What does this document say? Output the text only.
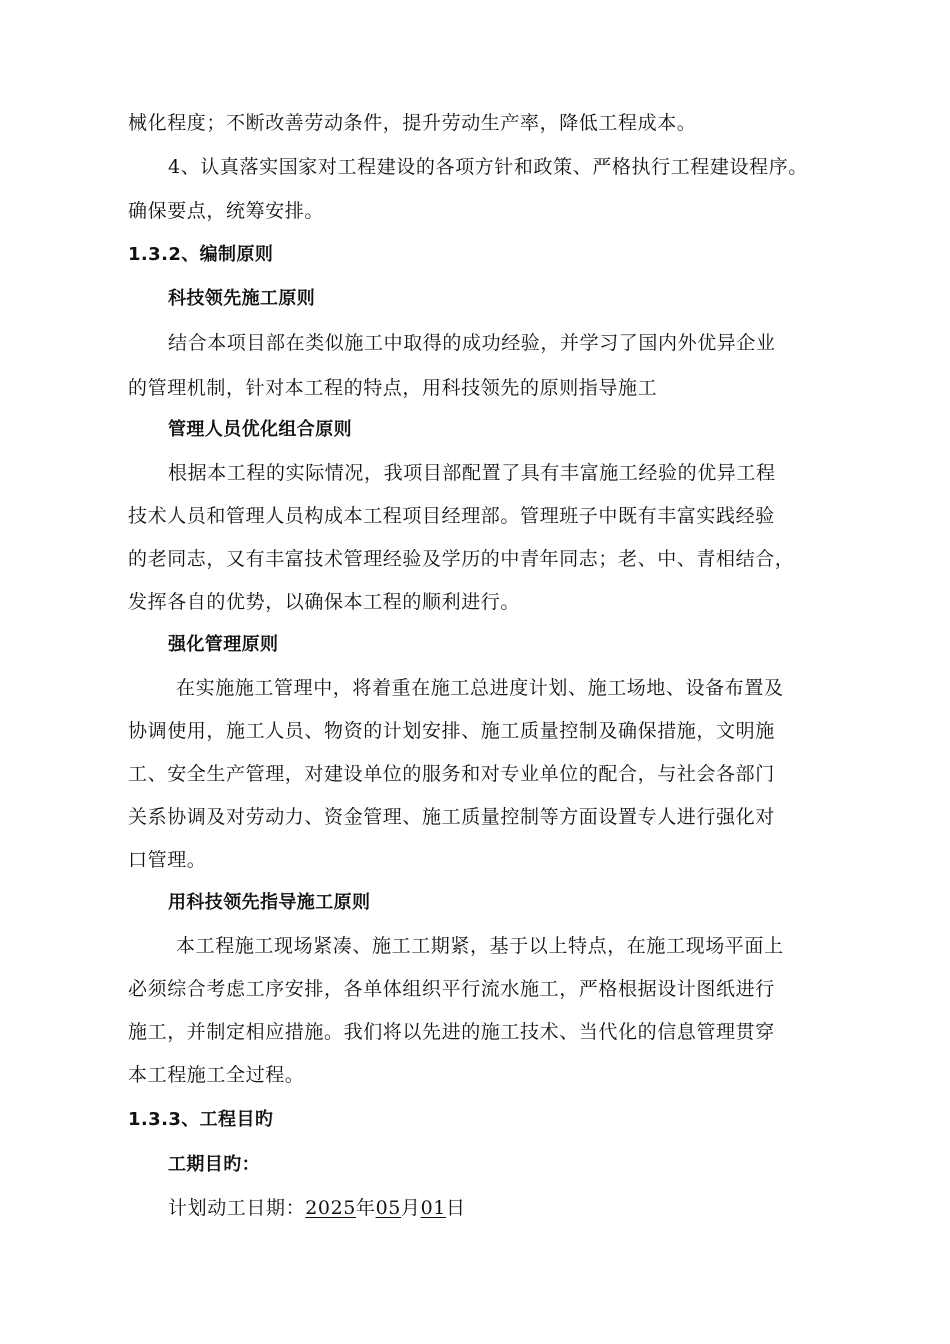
械化程度；不断改善劳动条件，提升劳动生产率，降低工程成本。
4、认真落实国家对工程建设的各项方针和政策、严格执行工程建设程序。
确保要点，统筹安排。
1.3.2、编制原则
科技领先施工原则
结合本项目部在类似施工中取得的成功经验，并学习了国内外优异企业
的管理机制，针对本工程的特点，用科技领先的原则指导施工
管理人员优化组合原则
根据本工程的实际情况，我项目部配置了具有丰富施工经验的优异工程
技术人员和管理人员构成本工程项目经理部。管理班子中既有丰富实践经验
的老同志，又有丰富技术管理经验及学历的中青年同志；老、中、青相结合，
发挥各自的优势，以确保本工程的顺利进行。
强化管理原则
在实施施工管理中，将着重在施工总进度计划、施工场地、设备布置及
协调使用，施工人员、物资的计划安排、施工质量控制及确保措施，文明施
工、安全生产管理，对建设单位的服务和对专业单位的配合，与社会各部门
关系协调及对劳动力、资金管理、施工质量控制等方面设置专人进行强化对
口管理。
用科技领先指导施工原则
本工程施工现场紧凑、施工工期紧，基于以上特点，在施工现场平面上
必须综合考虑工序安排，各单体组织平行流水施工，严格根据设计图纸进行
施工，并制定相应措施。我们将以先进的施工技术、当代化的信息管理贯穿
本工程施工全过程。
1.3.3、工程目旳
工期目旳：
计划动工日期：2025年05月01日
